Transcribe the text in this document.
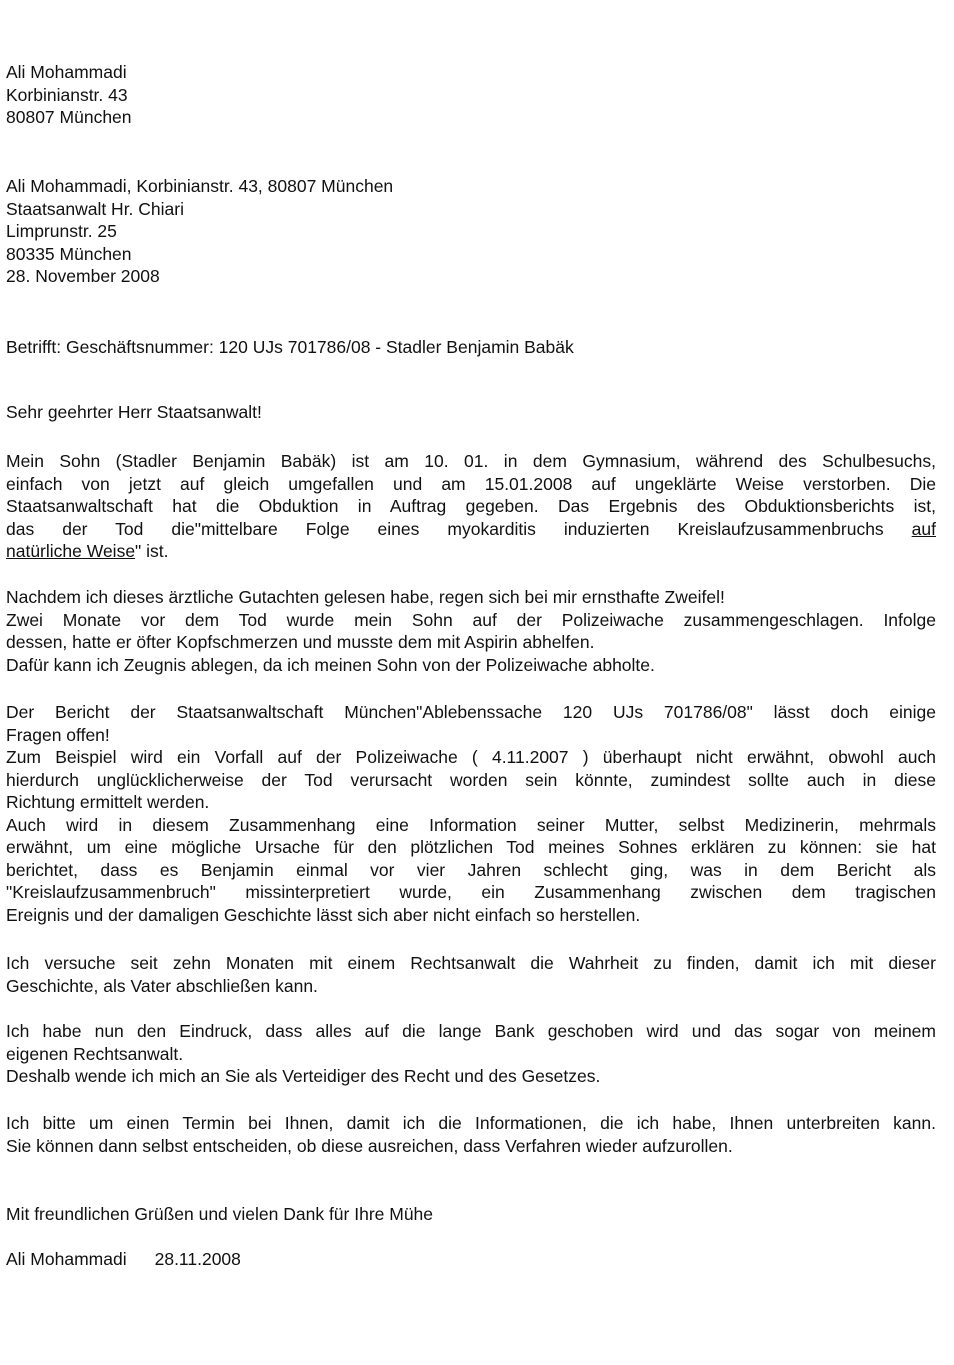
Ali Mohammadi
Korbinianstr. 43
80807 München
Ali Mohammadi, Korbinianstr. 43, 80807 München
Staatsanwalt Hr. Chiari
Limprunstr. 25
80335 München
28. November 2008
Betrifft: Geschäftsnummer: 120 UJs 701786/08 - Stadler Benjamin Babäk
Sehr geehrter Herr Staatsanwalt!
Mein Sohn (Stadler Benjamin Babäk) ist am 10. 01. in dem Gymnasium, während des Schulbesuchs,
einfach von jetzt auf gleich umgefallen und am 15.01.2008 auf ungeklärte Weise verstorben. Die
Staatsanwaltschaft hat die Obduktion in Auftrag gegeben. Das Ergebnis des Obduktionsberichts ist,
das der Tod die"mittelbare Folge eines myokarditis induzierten Kreislaufzusammenbruchs auf
natürliche Weise" ist.
Nachdem ich dieses ärztliche Gutachten gelesen habe, regen sich bei mir ernsthafte Zweifel!
Zwei Monate vor dem Tod wurde mein Sohn auf der Polizeiwache zusammengeschlagen. Infolge
dessen, hatte er öfter Kopfschmerzen und musste dem mit Aspirin abhelfen.
Dafür kann ich Zeugnis ablegen, da ich meinen Sohn von der Polizeiwache abholte.
Der Bericht der Staatsanwaltschaft München"Ablebenssache 120 UJs 701786/08" lässt doch einige
Fragen offen!
Zum Beispiel wird ein Vorfall auf der Polizeiwache ( 4.11.2007 ) überhaupt nicht erwähnt, obwohl auch
hierdurch unglücklicherweise der Tod verursacht worden sein könnte, zumindest sollte auch in diese
Richtung ermittelt werden.
Auch wird in diesem Zusammenhang eine Information seiner Mutter, selbst Medizinerin, mehrmals
erwähnt, um eine mögliche Ursache für den plötzlichen Tod meines Sohnes erklären zu können: sie hat
berichtet, dass es Benjamin einmal vor vier Jahren schlecht ging, was in dem Bericht als
"Kreislaufzusammenbruch" missinterpretiert wurde, ein Zusammenhang zwischen dem tragischen
Ereignis und der damaligen Geschichte lässt sich aber nicht einfach so herstellen.
Ich versuche seit zehn Monaten mit einem Rechtsanwalt die Wahrheit zu finden, damit ich mit dieser
Geschichte, als Vater abschließen kann.
Ich habe nun den Eindruck, dass alles auf die lange Bank geschoben wird und das sogar von meinem
eigenen Rechtsanwalt.
Deshalb wende ich mich an Sie als Verteidiger des Recht und des Gesetzes.
Ich bitte um einen Termin bei Ihnen, damit ich die Informationen, die ich habe, Ihnen unterbreiten kann.
Sie können dann selbst entscheiden, ob diese ausreichen, dass Verfahren wieder aufzurollen.
Mit freundlichen Grüßen und vielen Dank für Ihre Mühe
Ali Mohammadi 28.11.2008
